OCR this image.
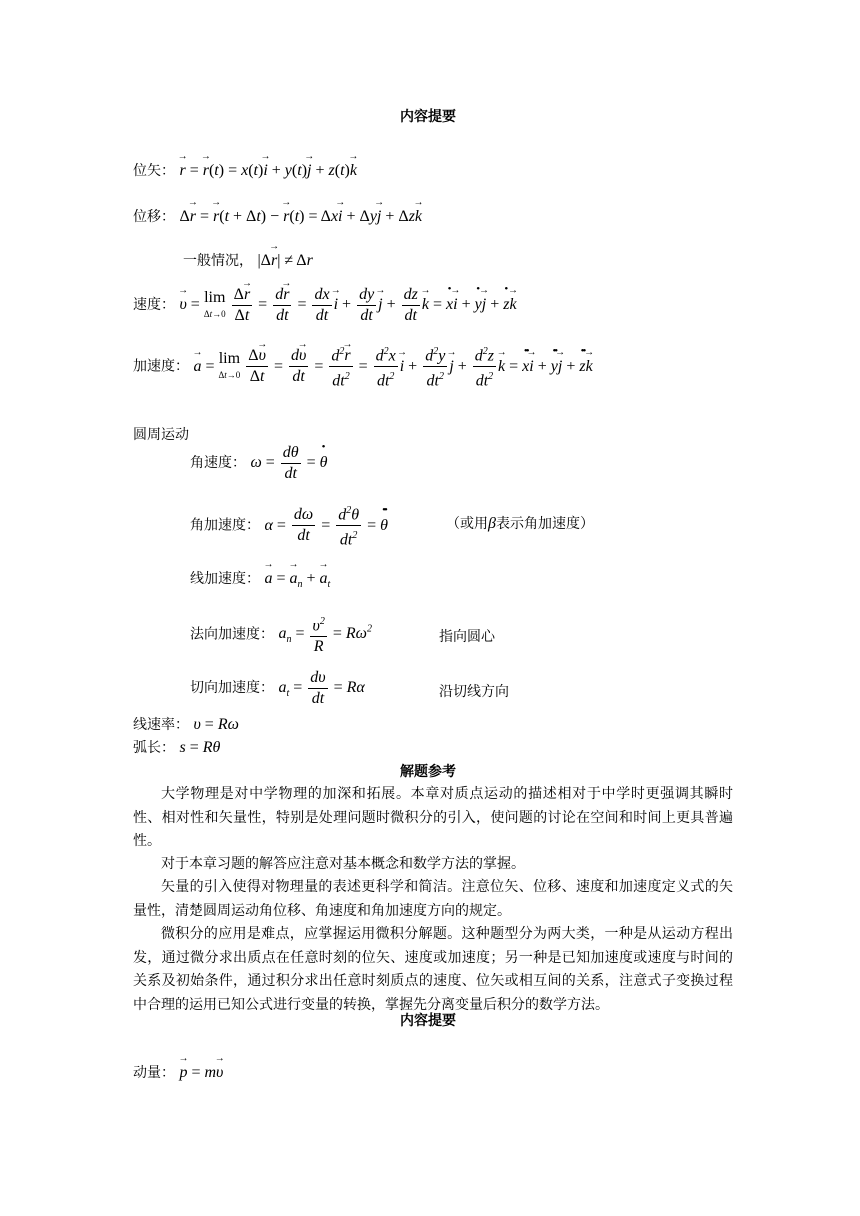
内容提要
位矢： → r = → r(t) = x(t)→ i + y(t)→ j + z(t)→ k
位移： Δ→ r = → r(t + Δt) − → r(t) = Δx→ i + Δy→ j + Δz→ k
一般情况， |Δ→ r| ≠ Δr
速度： → υ = lim
Δt→0
$\frac{\Delta\to r}{\Delta t} = \frac{d\to r}{dt} = \frac{dx}{dt}$
→ $i + \frac{dy}{dt}$
→ $j + \frac{dz}{dt}$
→ k = • x→ i + • y→ j + • z→ k
加速度： → a = lim
Δt→0
$\frac{\Delta\to \upsilon}{\Delta t} = \frac{d\to \upsilon}{dt} = \frac{d^2\to r}{dt^2} = \frac{d^2x}{dt^2}$
→ $i + \frac{d^2y}{dt^2}$
→ $j + \frac{d^2z}{dt^2}$
→ k = •• x→ i + •• y→ j + •• z→ k
圆周运动
角速度： $\omega = \frac{d\theta}{dt}$ = • θ
角加速度： $\alpha = \frac{d\omega}{dt} = \frac{d^2\theta}{dt^2}$ = •• θ	（或用β表示角加速度）
线加速度： → a = → $a_n$ + → $a_t$
法向加速度： $a_n = \frac{\upsilon^2}{R} = R\omega^2$	指向圆心
切向加速度： $a_t = \frac{d\upsilon}{dt} = R\alpha$	沿切线方向
线速率： υ = Rω
弧长： s = Rθ
解题参考
大学物理是对中学物理的加深和拓展。本章对质点运动的描述相对于中学时更强调其瞬时性、相对性和矢量性，特别是处理问题时微积分的引入，使问题的讨论在空间和时间上更具普遍性。
对于本章习题的解答应注意对基本概念和数学方法的掌握。
矢量的引入使得对物理量的表述更科学和简洁。注意位矢、位移、速度和加速度定义式的矢量性，清楚圆周运动角位移、角速度和角加速度方向的规定。
微积分的应用是难点，应掌握运用微积分解题。这种题型分为两大类，一种是从运动方程出发，通过微分求出质点在任意时刻的位矢、速度或加速度；另一种是已知加速度或速度与时间的关系及初始条件，通过积分求出任意时刻质点的速度、位矢或相互间的关系，注意式子变换过程中合理的运用已知公式进行变量的转换，掌握先分离变量后积分的数学方法。
内容提要
动量： → p = m→ υ
